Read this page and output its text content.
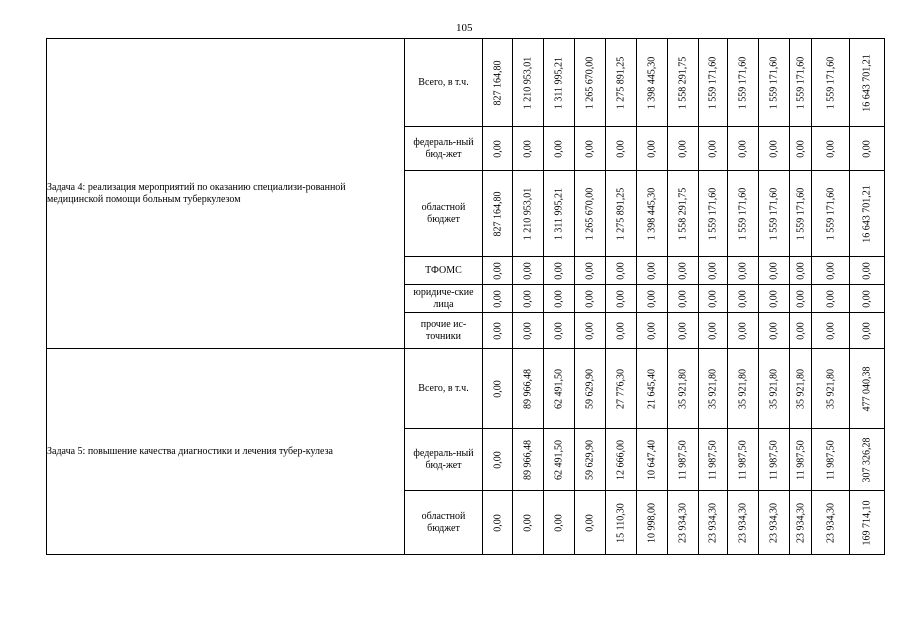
105
Задача 4: реализация мероприятий по оказанию специализи-рованной медицинской помощи больным туберкулезом	Всего, в т.ч.	827 164,80	1 210 953,01	1 311 995,21	1 265 670,00	1 275 891,25	1 398 445,30	1 558 291,75	1 559 171,60	1 559 171,60	1 559 171,60	1 559 171,60	1 559 171,60	16 643 701,21

	федераль-ный бюд-жет	0,00	0,00	0,00	0,00	0,00	0,00	0,00	0,00	0,00	0,00	0,00	0,00	0,00

	областной бюджет	827 164,80	1 210 953,01	1 311 995,21	1 265 670,00	1 275 891,25	1 398 445,30	1 558 291,75	1 559 171,60	1 559 171,60	1 559 171,60	1 559 171,60	1 559 171,60	16 643 701,21

	ТФОМС	0,00	0,00	0,00	0,00	0,00	0,00	0,00	0,00	0,00	0,00	0,00	0,00	0,00

	юридиче-ские лица	0,00	0,00	0,00	0,00	0,00	0,00	0,00	0,00	0,00	0,00	0,00	0,00	0,00

	прочие ис-точники	0,00	0,00	0,00	0,00	0,00	0,00	0,00	0,00	0,00	0,00	0,00	0,00	0,00

Задача 5: повышение качества диагностики и лечения тубер-кулеза	Всего, в т.ч.	0,00	89 966,48	62 491,50	59 629,90	27 776,30	21 645,40	35 921,80	35 921,80	35 921,80	35 921,80	35 921,80	35 921,80	477 040,38

	федераль-ный бюд-жет	0,00	89 966,48	62 491,50	59 629,90	12 666,00	10 647,40	11 987,50	11 987,50	11 987,50	11 987,50	11 987,50	11 987,50	307 326,28

	областной бюджет	0,00	0,00	0,00	0,00	15 110,30	10 998,00	23 934,30	23 934,30	23 934,30	23 934,30	23 934,30	23 934,30	169 714,10
